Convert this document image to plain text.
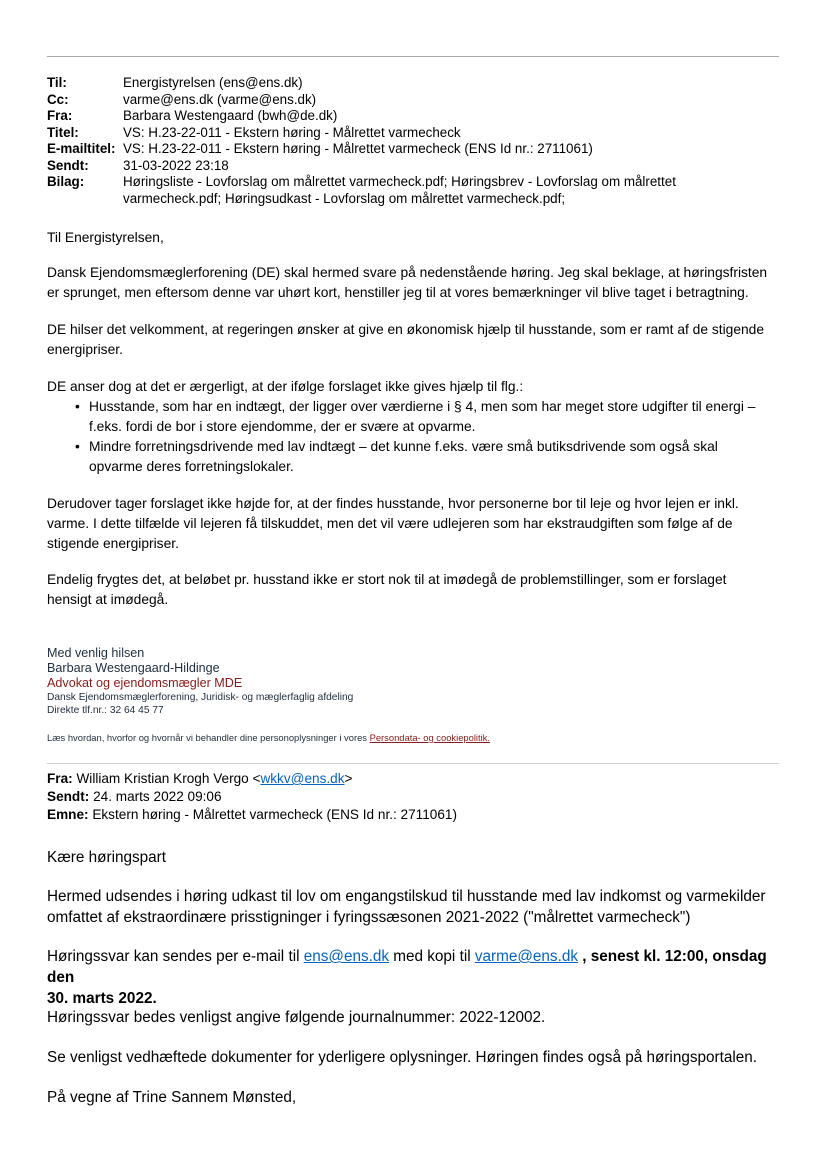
Til:	Energistyrelsen (ens@ens.dk)
Cc:	varme@ens.dk (varme@ens.dk)
Fra:	Barbara Westengaard (bwh@de.dk)
Titel:	VS: H.23-22-011 - Ekstern høring - Målrettet varmecheck
E-mailtitel: VS: H.23-22-011 - Ekstern høring - Målrettet varmecheck (ENS Id nr.: 2711061)
Sendt:	31-03-2022 23:18
Bilag:	Høringsliste - Lovforslag om målrettet varmecheck.pdf; Høringsbrev - Lovforslag om målrettet
varmecheck.pdf; Høringsudkast - Lovforslag om målrettet varmecheck.pdf;

Til Energistyrelsen,

Dansk Ejendomsmæglerforening (DE) skal hermed svare på nedenstående høring. Jeg skal beklage, at høringsfristen

er sprunget, men eftersom denne var uhørt kort, henstiller jeg til at vores bemærkninger vil blive taget i betragtning.

DE hilser det velkomment, at regeringen ønsker at give en økonomisk hjælp til husstande, som er ramt af de stigende

energipriser.

DE anser dog at det er ærgerligt, at der ifølge forslaget ikke gives hjælp til flg.:

• Husstande, som har en indtægt, der ligger over værdierne i § 4, men som har meget store udgifter til energi –
f.eks. fordi de bor i store ejendomme, der er svære at opvarme.
• Mindre forretningsdrivende med lav indtægt – det kunne f.eks. være små butiksdrivende som også skal
opvarme deres forretningslokaler.

Derudover tager forslaget ikke højde for, at der findes husstande, hvor personerne bor til leje og hvor lejen er inkl.

varme. I dette tilfælde vil lejeren få tilskuddet, men det vil være udlejeren som har ekstraudgiften som følge af de

stigende energipriser.

Endelig frygtes det, at beløbet pr. husstand ikke er stort nok til at imødegå de problemstillinger, som er forslaget

hensigt at imødegå.

Med venlig hilsen
Barbara Westengaard-Hildinge
Advokat og ejendomsmægler MDE
Dansk Ejendomsmæglerforening, Juridisk- og mæglerfaglig afdeling
Direkte tlf.nr.: 32 64 45 77
Læs hvordan, hvorfor og hvornår vi behandler dine personoplysninger i vores Persondata- og cookiepolitik.
Fra: William Kristian Krogh Vergo <wkkv@ens.dk>
Sendt: 24. marts 2022 09:06
Emne: Ekstern høring - Målrettet varmecheck (ENS Id nr.: 2711061)

Kære høringspart

Hermed udsendes i høring udkast til lov om engangstilskud til husstande med lav indkomst og varmekilder

omfattet af ekstraordinære prisstigninger i fyringssæsonen 2021-2022 ("målrettet varmecheck")

Høringssvar kan sendes per e-mail til ens@ens.dk med kopi til varme@ens.dk , senest kl. 12:00, onsdag den

30. marts 2022.

Høringssvar bedes venligst angive følgende journalnummer: 2022-12002.

Se venligst vedhæftede dokumenter for yderligere oplysninger. Høringen findes også på høringsportalen.

På vegne af Trine Sannem Mønsted,
